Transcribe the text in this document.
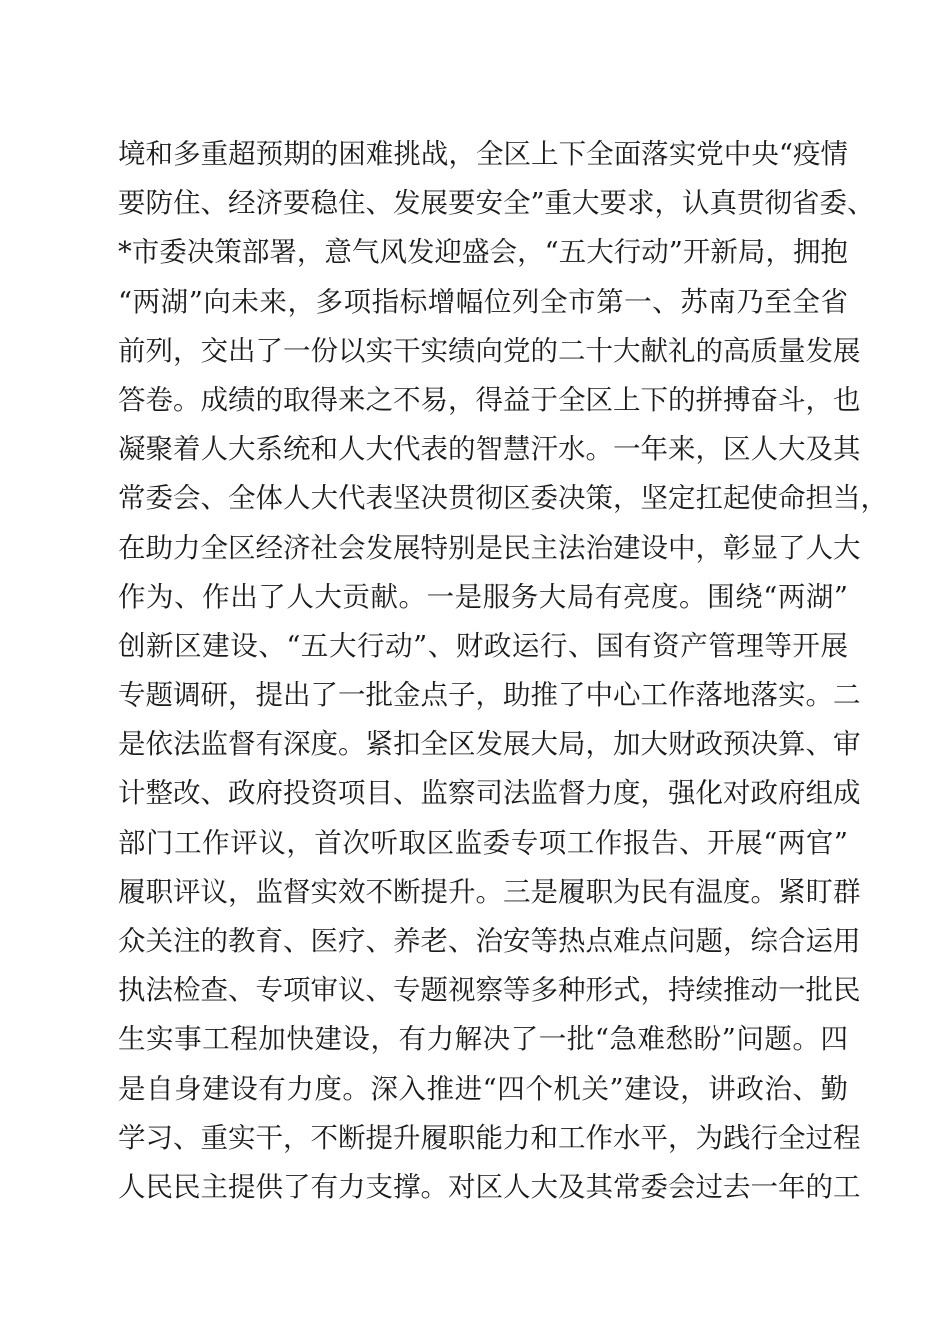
境和多重超预期的困难挑战，全区上下全面落实党中央“疫情
要防住、经济要稳住、发展要安全”重大要求，认真贯彻省委、
*市委决策部署，意气风发迎盛会，“五大行动”开新局，拥抱
“两湖”向未来，多项指标增幅位列全市第一、苏南乃至全省
前列，交出了一份以实干实绩向党的二十大献礼的高质量发展
答卷。成绩的取得来之不易，得益于全区上下的拼搏奋斗，也
凝聚着人大系统和人大代表的智慧汗水。一年来，区人大及其
常委会、全体人大代表坚决贯彻区委决策，坚定扛起使命担当，
在助力全区经济社会发展特别是民主法治建设中，彰显了人大
作为、作出了人大贡献。一是服务大局有亮度。围绕“两湖”
创新区建设、“五大行动”、财政运行、国有资产管理等开展
专题调研，提出了一批金点子，助推了中心工作落地落实。二
是依法监督有深度。紧扣全区发展大局，加大财政预决算、审
计整改、政府投资项目、监察司法监督力度，强化对政府组成
部门工作评议，首次听取区监委专项工作报告、开展“两官”
履职评议，监督实效不断提升。三是履职为民有温度。紧盯群
众关注的教育、医疗、养老、治安等热点难点问题，综合运用
执法检查、专项审议、专题视察等多种形式，持续推动一批民
生实事工程加快建设，有力解决了一批“急难愁盼”问题。四
是自身建设有力度。深入推进“四个机关”建设，讲政治、勤
学习、重实干，不断提升履职能力和工作水平，为践行全过程
人民民主提供了有力支撑。对区人大及其常委会过去一年的工
